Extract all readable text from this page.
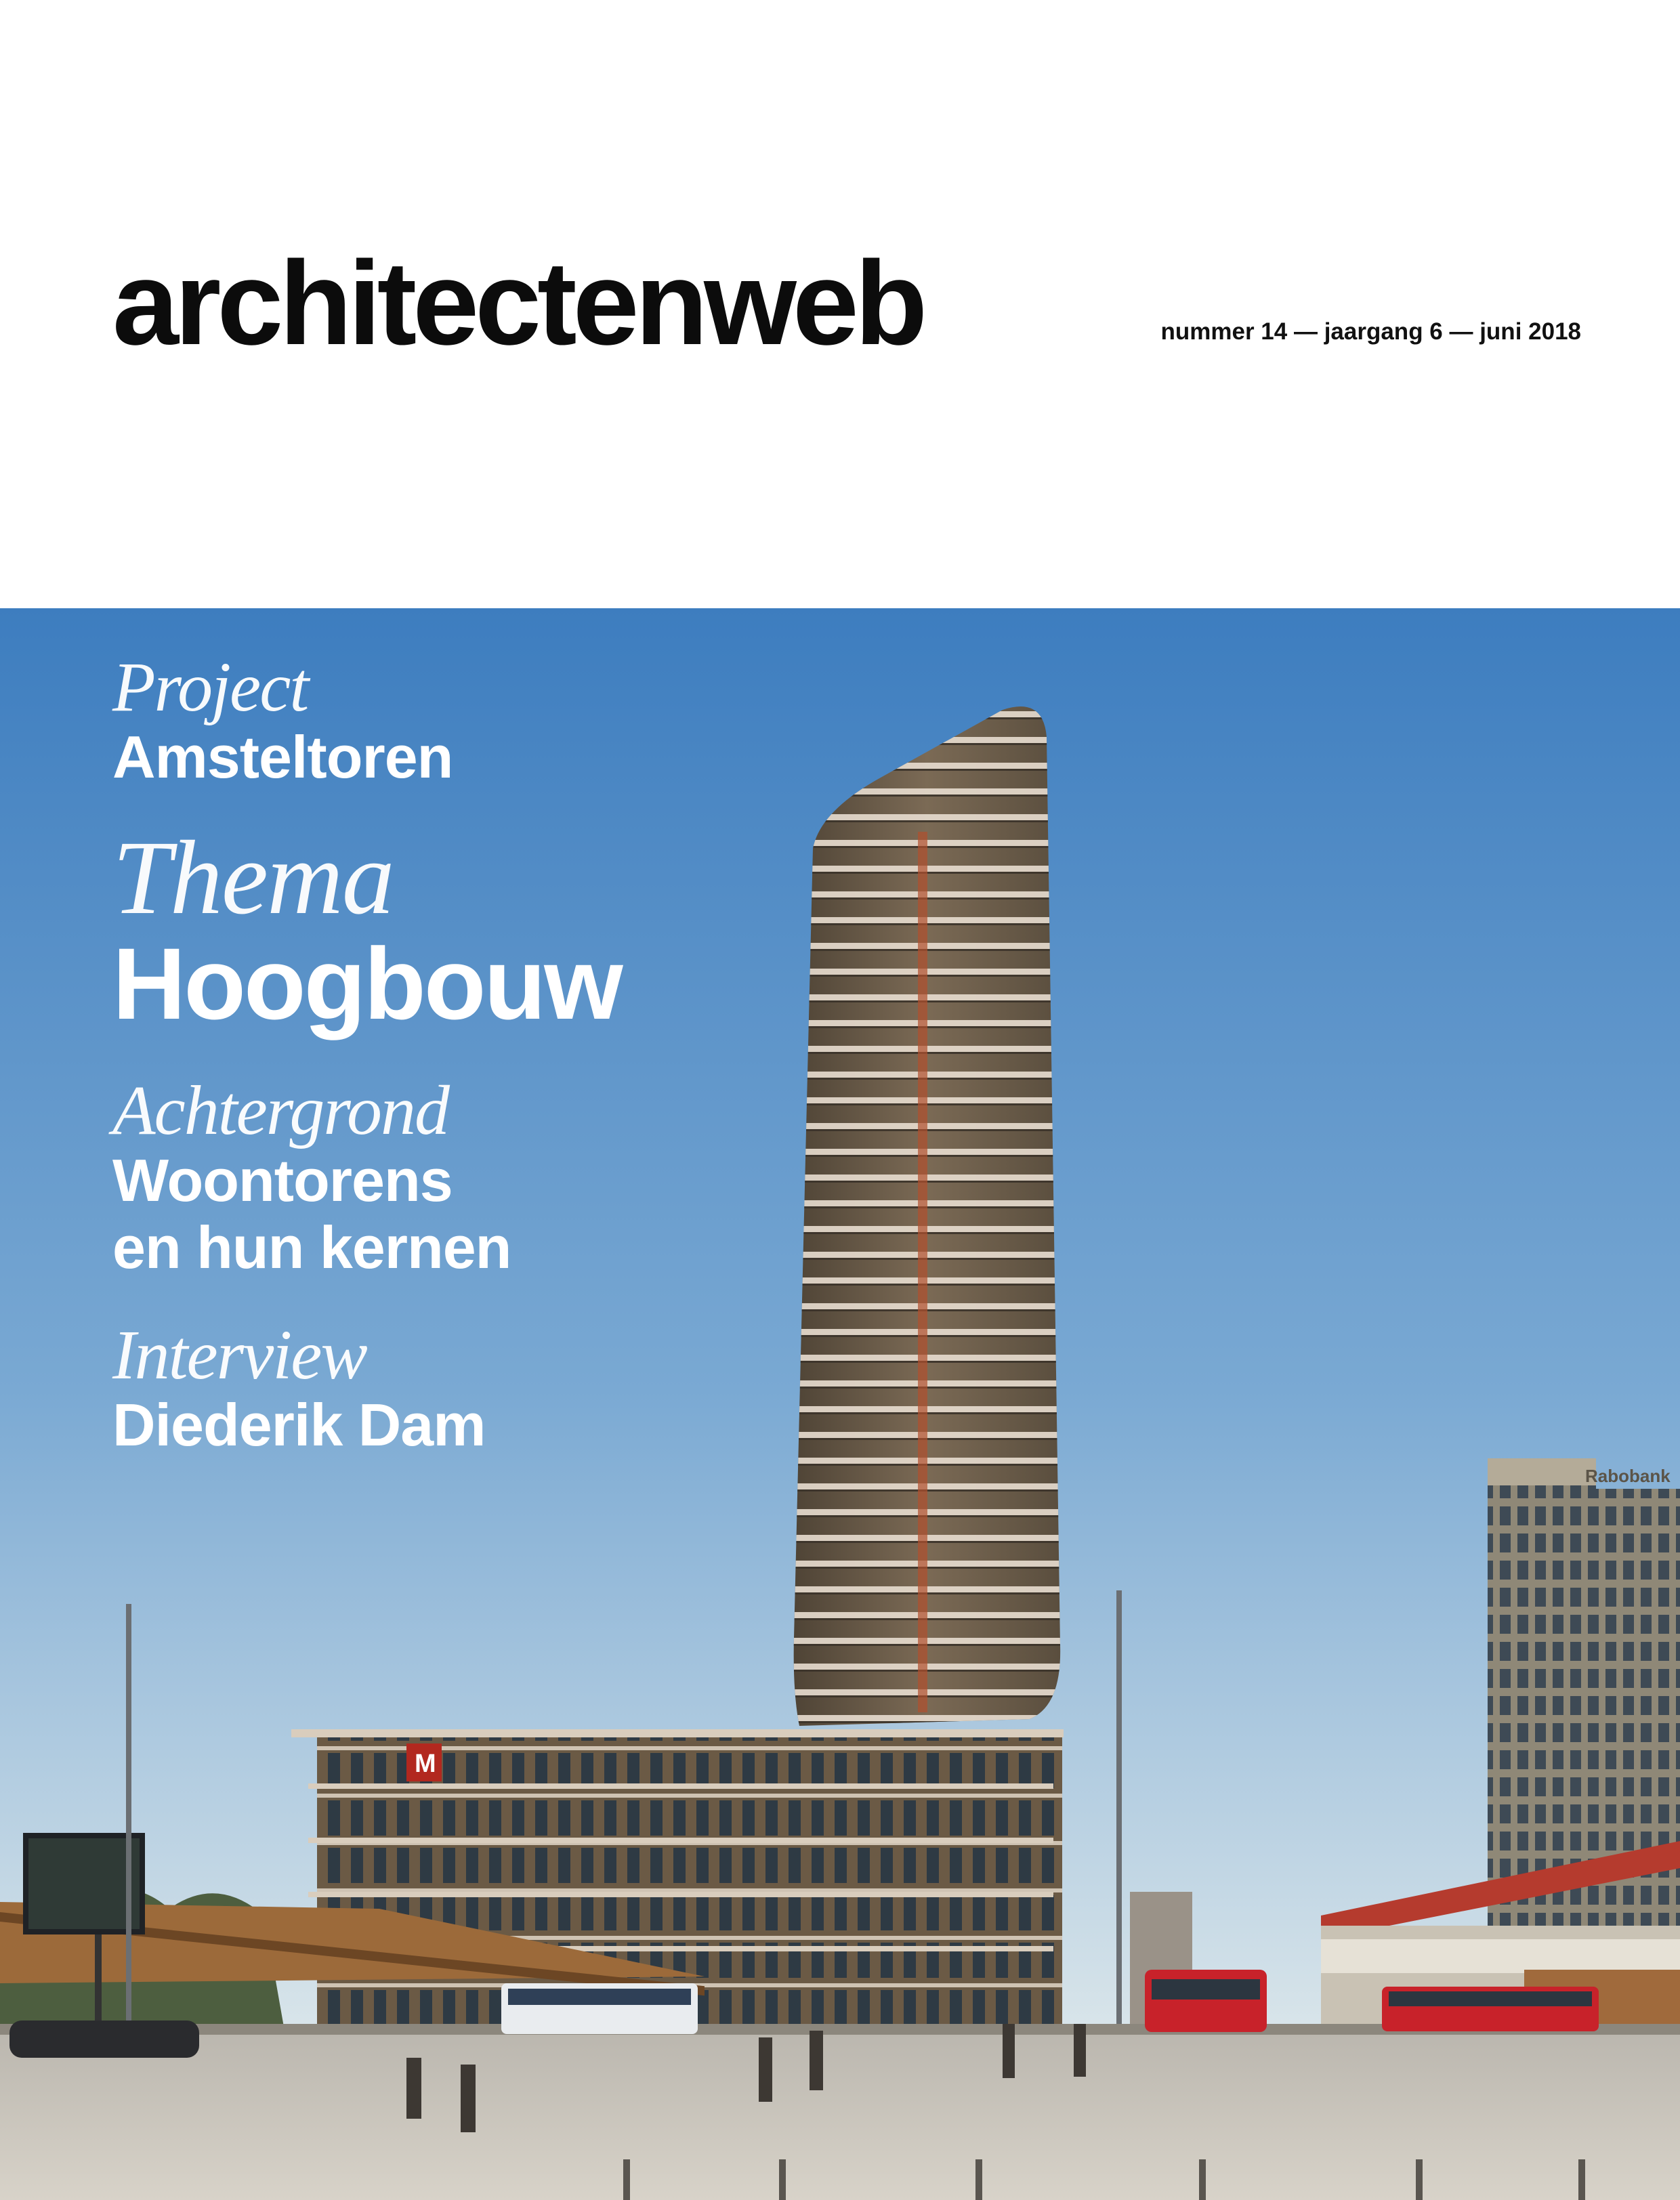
architectenweb	nummer 14 — jaargang 6 — juni 2018
Rabobank
M
Project
Amsteltoren
Thema
Hoogbouw
Achtergrond
Woontorens
en hun kernen
Interview
Diederik Dam
